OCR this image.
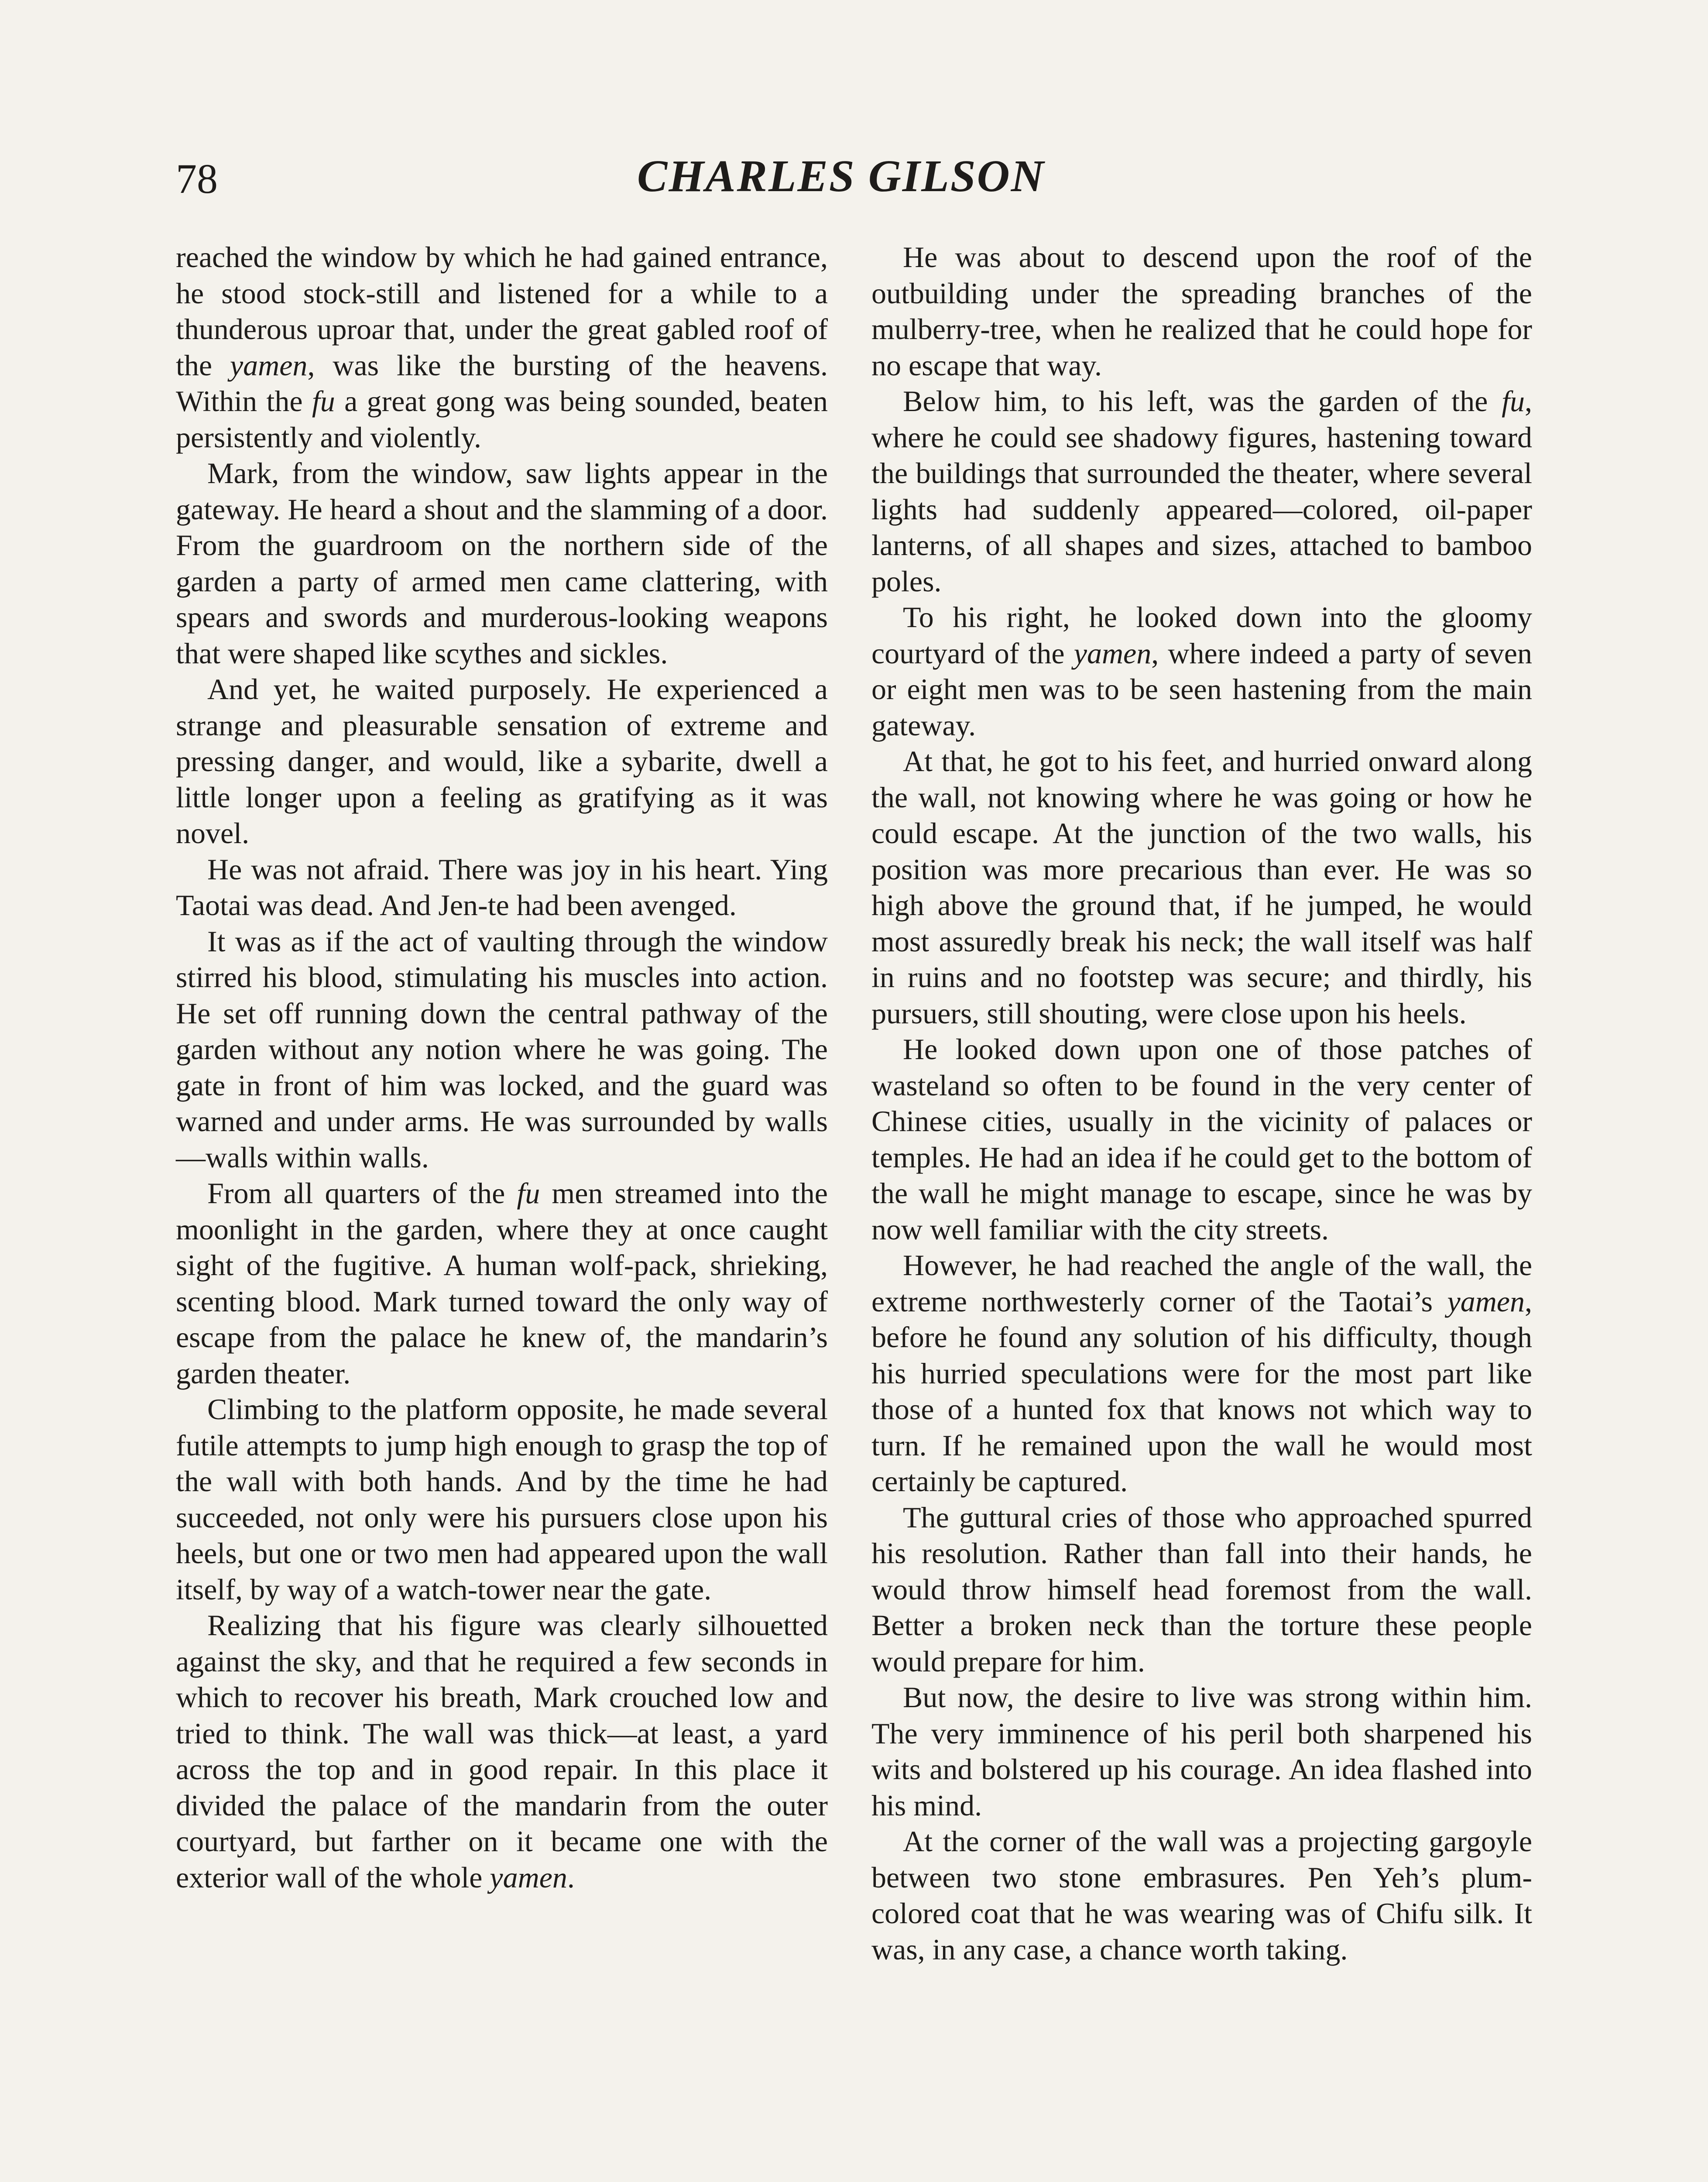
78	CHARLES GILSON

reached the window by which he had gained entrance, he stood stock-still and listened for a while to a thunderous uproar that, under the great gabled roof of the yamen, was like the bursting of the heavens. Within the fu a great gong was being sounded, beaten persistently and violently.

Mark, from the window, saw lights appear in the gateway. He heard a shout and the slamming of a door. From the guardroom on the northern side of the garden a party of armed men came clattering, with spears and swords and murderous-looking weapons that were shaped like scythes and sickles.

And yet, he waited purposely. He experienced a strange and pleasurable sensation of extreme and pressing danger, and would, like a sybarite, dwell a little longer upon a feeling as gratifying as it was novel.

He was not afraid. There was joy in his heart. Ying Taotai was dead. And Jen-te had been avenged.

It was as if the act of vaulting through the window stirred his blood, stimulating his muscles into action. He set off running down the central pathway of the garden without any notion where he was going. The gate in front of him was locked, and the guard was warned and under arms. He was surrounded by walls—walls within walls.

From all quarters of the fu men streamed into the moonlight in the garden, where they at once caught sight of the fugitive. A human wolf-pack, shrieking, scenting blood. Mark turned toward the only way of escape from the palace he knew of, the mandarin’s garden theater.

Climbing to the platform opposite, he made several futile attempts to jump high enough to grasp the top of the wall with both hands. And by the time he had succeeded, not only were his pursuers close upon his heels, but one or two men had appeared upon the wall itself, by way of a watch-tower near the gate.

Realizing that his figure was clearly silhouetted against the sky, and that he required a few seconds in which to recover his breath, Mark crouched low and tried to think. The wall was thick—at least, a yard across the top and in good repair. In this place it divided the palace of the mandarin from the outer courtyard, but farther on it became one with the exterior wall of the whole yamen.

He was about to descend upon the roof of the outbuilding under the spreading branches of the mulberry-tree, when he realized that he could hope for no escape that way.

Below him, to his left, was the garden of the fu, where he could see shadowy figures, hastening toward the buildings that surrounded the theater, where several lights had suddenly appeared—colored, oil-paper lanterns, of all shapes and sizes, attached to bamboo poles.

To his right, he looked down into the gloomy courtyard of the yamen, where indeed a party of seven or eight men was to be seen hastening from the main gateway.

At that, he got to his feet, and hurried onward along the wall, not knowing where he was going or how he could escape. At the junction of the two walls, his position was more precarious than ever. He was so high above the ground that, if he jumped, he would most assuredly break his neck; the wall itself was half in ruins and no footstep was secure; and thirdly, his pursuers, still shouting, were close upon his heels.

He looked down upon one of those patches of wasteland so often to be found in the very center of Chinese cities, usually in the vicinity of palaces or temples. He had an idea if he could get to the bottom of the wall he might manage to escape, since he was by now well familiar with the city streets.

However, he had reached the angle of the wall, the extreme northwesterly corner of the Taotai’s yamen, before he found any solution of his difficulty, though his hurried speculations were for the most part like those of a hunted fox that knows not which way to turn. If he remained upon the wall he would most certainly be captured.

The guttural cries of those who approached spurred his resolution. Rather than fall into their hands, he would throw himself head foremost from the wall. Better a broken neck than the torture these people would prepare for him.

But now, the desire to live was strong within him. The very imminence of his peril both sharpened his wits and bolstered up his courage. An idea flashed into his mind.

At the corner of the wall was a projecting gargoyle between two stone embrasures. Pen Yeh’s plum-colored coat that he was wearing was of Chifu silk. It was, in any case, a chance worth taking.
